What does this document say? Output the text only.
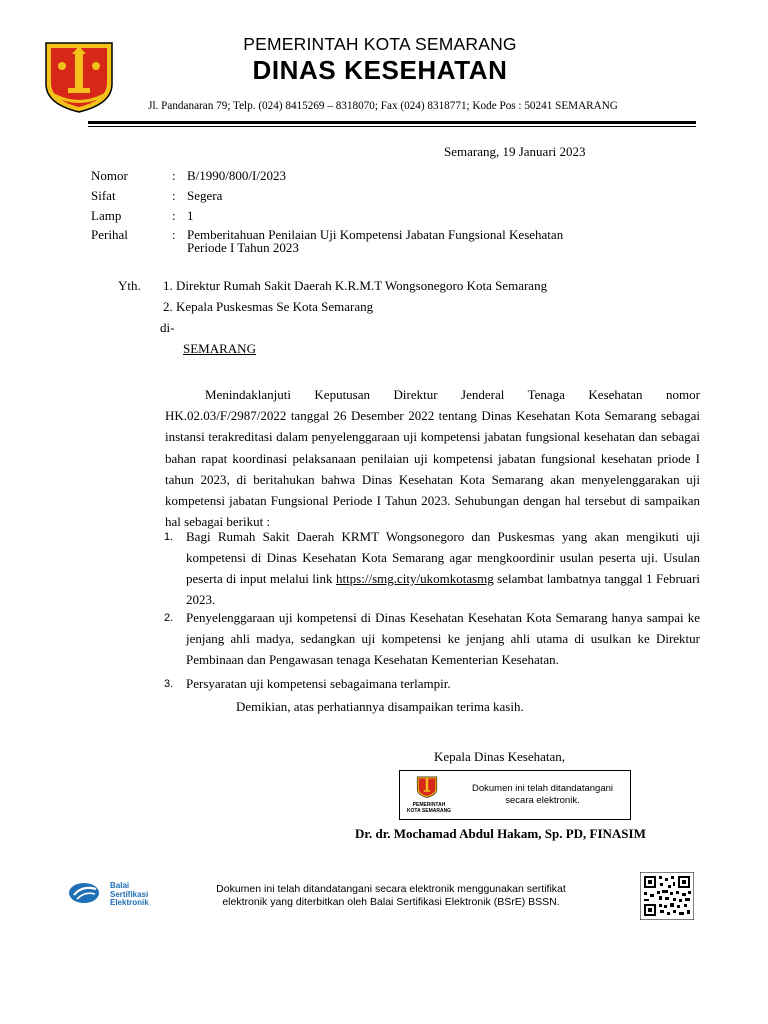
PEMERINTAH KOTA SEMARANG
DINAS KESEHATAN
Jl. Pandanaran 79; Telp. (024) 8415269 – 8318070; Fax (024) 8318771; Kode Pos : 50241 SEMARANG
Semarang, 19 Januari 2023
Nomor	: B/1990/800/I/2023
Sifat	: Segera
Lamp	: 1
Perihal	: Pemberitahuan Penilaian Uji Kompetensi Jabatan Fungsional Kesehatan
Periode I Tahun 2023
Yth. 1. Direktur Rumah Sakit Daerah K.R.M.T Wongsonegoro Kota Semarang
2. Kepala Puskesmas Se Kota Semarang
di-
SEMARANG
Menindaklanjuti Keputusan Direktur Jenderal Tenaga Kesehatan nomor HK.02.03/F/2987/2022 tanggal 26 Desember 2022 tentang Dinas Kesehatan Kota Semarang sebagai instansi terakreditasi dalam penyelenggaraan uji kompetensi jabatan fungsional kesehatan dan sebagai bahan rapat koordinasi pelaksanaan penilaian uji kompetensi jabatan fungsional kesehatan priode I tahun 2023, di beritahukan bahwa Dinas Kesehatan Kota Semarang akan menyelenggarakan uji kompetensi jabatan Fungsional Periode I Tahun 2023. Sehubungan dengan hal tersebut di sampaikan hal sebagai berikut :
1. Bagi Rumah Sakit Daerah KRMT Wongsonegoro dan Puskesmas yang akan mengikuti uji kompetensi di Dinas Kesehatan Kota Semarang agar mengkoordinir usulan peserta uji. Usulan peserta di input melalui link https://smg.city/ukomkotasmg selambat lambatnya tanggal 1 Februari 2023.
2. Penyelenggaraan uji kompetensi di Dinas Kesehatan Kesehatan Kota Semarang hanya sampai ke jenjang ahli madya, sedangkan uji kompetensi ke jenjang ahli utama di usulkan ke Direktur Pembinaan dan Pengawasan tenaga Kesehatan Kementerian Kesehatan.
3. Persyaratan uji kompetensi sebagaimana terlampir.
Demikian, atas perhatiannya disampaikan terima kasih.
Kepala Dinas Kesehatan,
PEMERINTAH
KOTA SEMARANG
Dokumen ini telah ditandatangani
secara elektronik.
Dr. dr. Mochamad Abdul Hakam, Sp. PD, FINASIM
Balai
Sertifikasi
Elektronik
Dokumen ini telah ditandatangani secara elektronik menggunakan sertifikat
elektronik yang diterbitkan oleh Balai Sertifikasi Elektronik (BSrE) BSSN.
